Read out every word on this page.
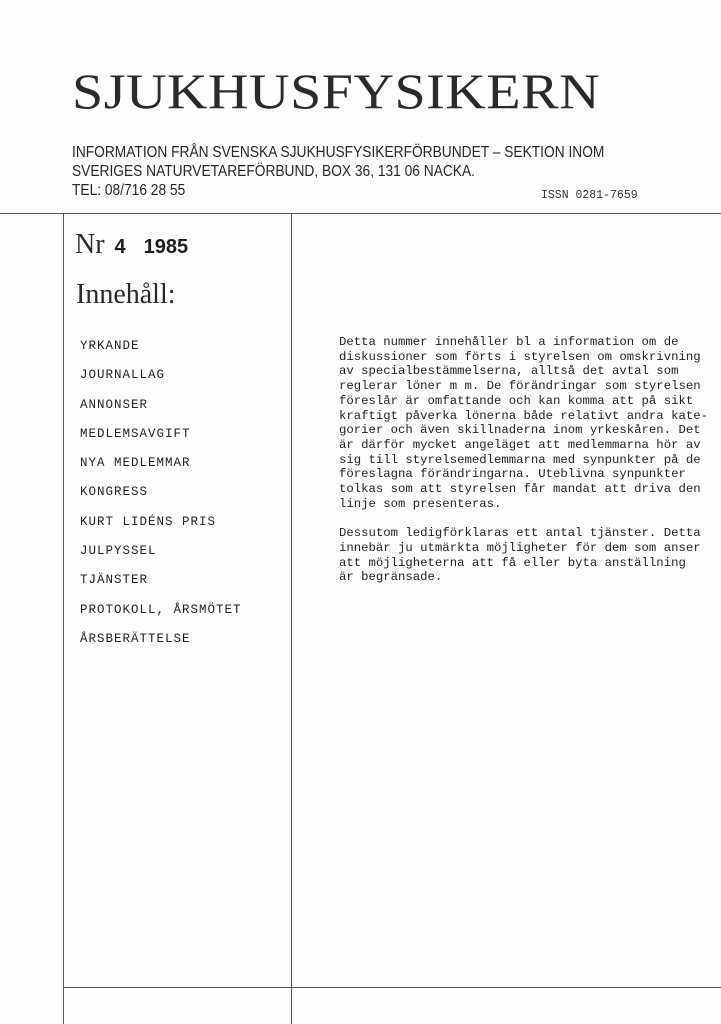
SJUKHUSFYSIKERN
INFORMATION FRÅN SVENSKA SJUKHUSFYSIKERFÖRBUNDET – SEKTION INOM
SVERIGES NATURVETAREFÖRBUND, BOX 36, 131 06 NACKA.
TEL: 08/716 28 55	ISSN 0281-7659
Nr 4 1985
Innehåll:
YRKANDE
JOURNALLAG
ANNONSER
MEDLEMSAVGIFT
NYA MEDLEMMAR
KONGRESS
KURT LIDÉNS PRIS
JULPYSSEL
TJÄNSTER
PROTOKOLL, ÅRSMÖTET
ÅRSBERÄTTELSE

Detta nummer innehåller bl a information om de
diskussioner som förts i styrelsen om omskrivning
av specialbestämmelserna, alltså det avtal som
reglerar löner m m. De förändringar som styrelsen
föreslår är omfattande och kan komma att på sikt
kraftigt påverka lönerna både relativt andra kate-
gorier och även skillnaderna inom yrkeskåren. Det
är därför mycket angeläget att medlemmarna hör av
sig till styrelsemedlemmarna med synpunkter på de
föreslagna förändringarna. Uteblivna synpunkter
tolkas som att styrelsen får mandat att driva den
linje som presenteras.

Dessutom ledigförklaras ett antal tjänster. Detta
innebär ju utmärkta möjligheter för dem som anser
att möjligheterna att få eller byta anställning
är begränsade.
